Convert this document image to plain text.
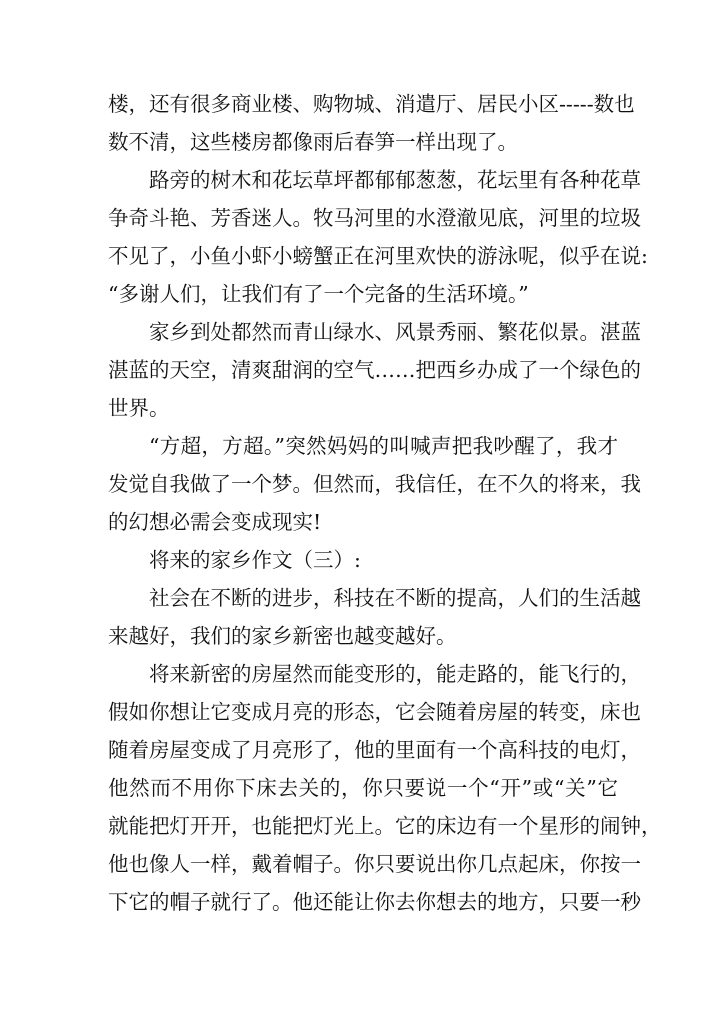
楼，还有很多商业楼、购物城、消遣厅、居民小区-----数也
数不清，这些楼房都像雨后春笋一样出现了。
路旁的树木和花坛草坪都郁郁葱葱，花坛里有各种花草
争奇斗艳、芳香迷人。牧马河里的水澄澈见底，河里的垃圾
不见了，小鱼小虾小螃蟹正在河里欢快的游泳呢，似乎在说:
“多谢人们，让我们有了一个完备的生活环境。”
家乡到处都然而青山绿水、风景秀丽、繁花似景。湛蓝
湛蓝的天空，清爽甜润的空气……把西乡办成了一个绿色的
世界。
“方超，方超。”突然妈妈的叫喊声把我吵醒了，我才
发觉自我做了一个梦。但然而，我信任，在不久的将来，我
的幻想必需会变成现实!
将来的家乡作文（三）:
社会在不断的进步，科技在不断的提高，人们的生活越
来越好，我们的家乡新密也越变越好。
将来新密的房屋然而能变形的，能走路的，能飞行的，
假如你想让它变成月亮的形态，它会随着房屋的转变，床也
随着房屋变成了月亮形了，他的里面有一个高科技的电灯，
他然而不用你下床去关的，你只要说一个“开”或“关”它
就能把灯开开，也能把灯光上。它的床边有一个星形的闹钟，
他也像人一样，戴着帽子。你只要说出你几点起床，你按一
下它的帽子就行了。他还能让你去你想去的地方，只要一秒
